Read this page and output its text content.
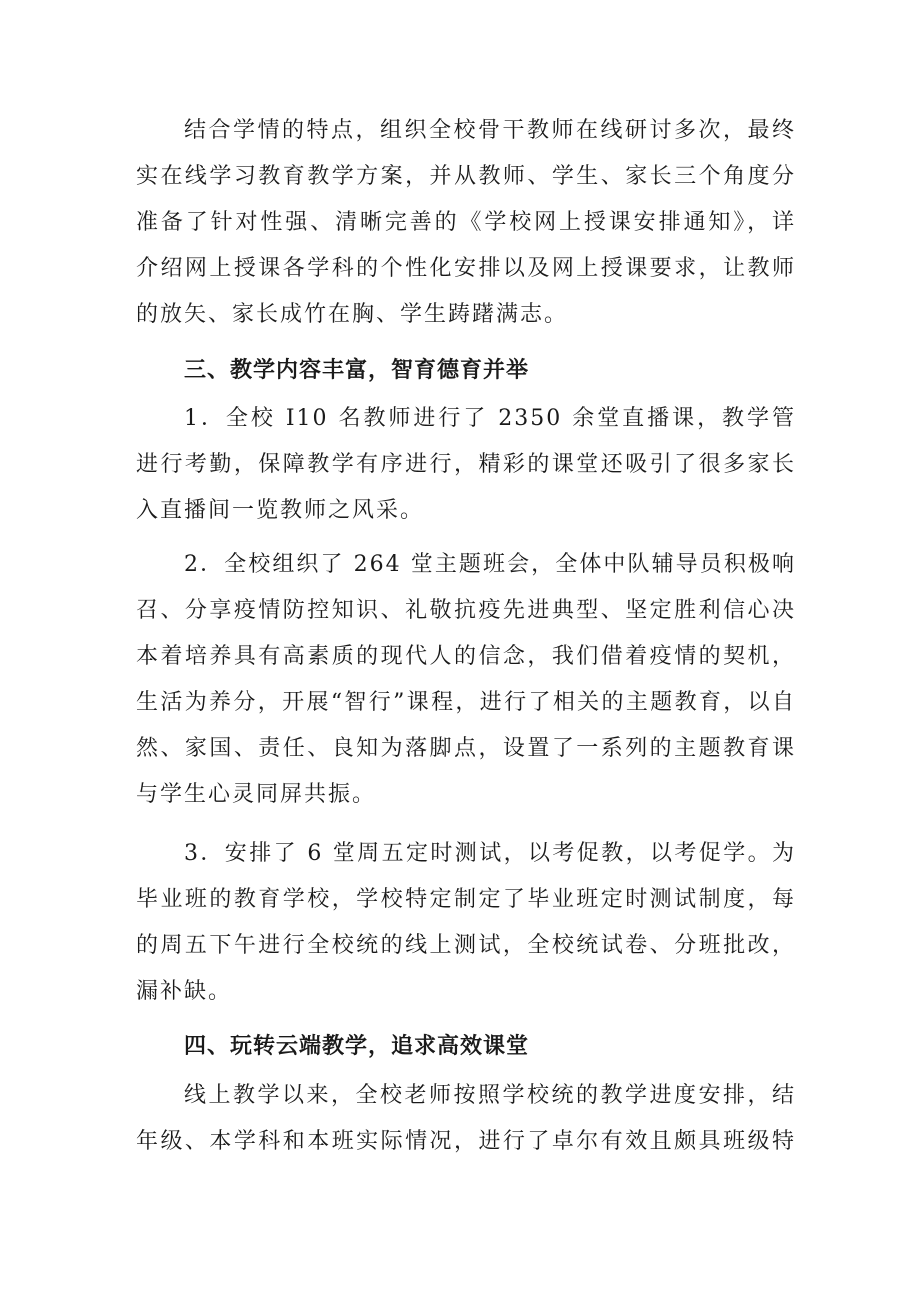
结合学情的特点，组织全校骨干教师在线研讨多次，最终
实在线学习教育教学方案，并从教师、学生、家长三个角度分
准备了针对性强、清晰完善的《学校网上授课安排通知》，详
介绍网上授课各学科的个性化安排以及网上授课要求，让教师
的放矢、家长成竹在胸、学生踌躇满志。
三、教学内容丰富，智育德育并举
1．全校 I10 名教师进行了 2350 余堂直播课，教学管
进行考勤，保障教学有序进行，精彩的课堂还吸引了很多家长
入直播间一览教师之风采。
2．全校组织了 264 堂主题班会，全体中队辅导员积极响
召、分享疫情防控知识、礼敬抗疫先进典型、坚定胜利信心决
本着培养具有高素质的现代人的信念，我们借着疫情的契机，
生活为养分，开展“智行”课程，进行了相关的主题教育，以自
然、家国、责任、良知为落脚点，设置了一系列的主题教育课
与学生心灵同屏共振。
3．安排了 6 堂周五定时测试，以考促教，以考促学。为
毕业班的教育学校，学校特定制定了毕业班定时测试制度，每
的周五下午进行全校统的线上测试，全校统试卷、分班批改，
漏补缺。
四、玩转云端教学，追求高效课堂
线上教学以来，全校老师按照学校统的教学进度安排，结
年级、本学科和本班实际情况，进行了卓尔有效且颇具班级特
